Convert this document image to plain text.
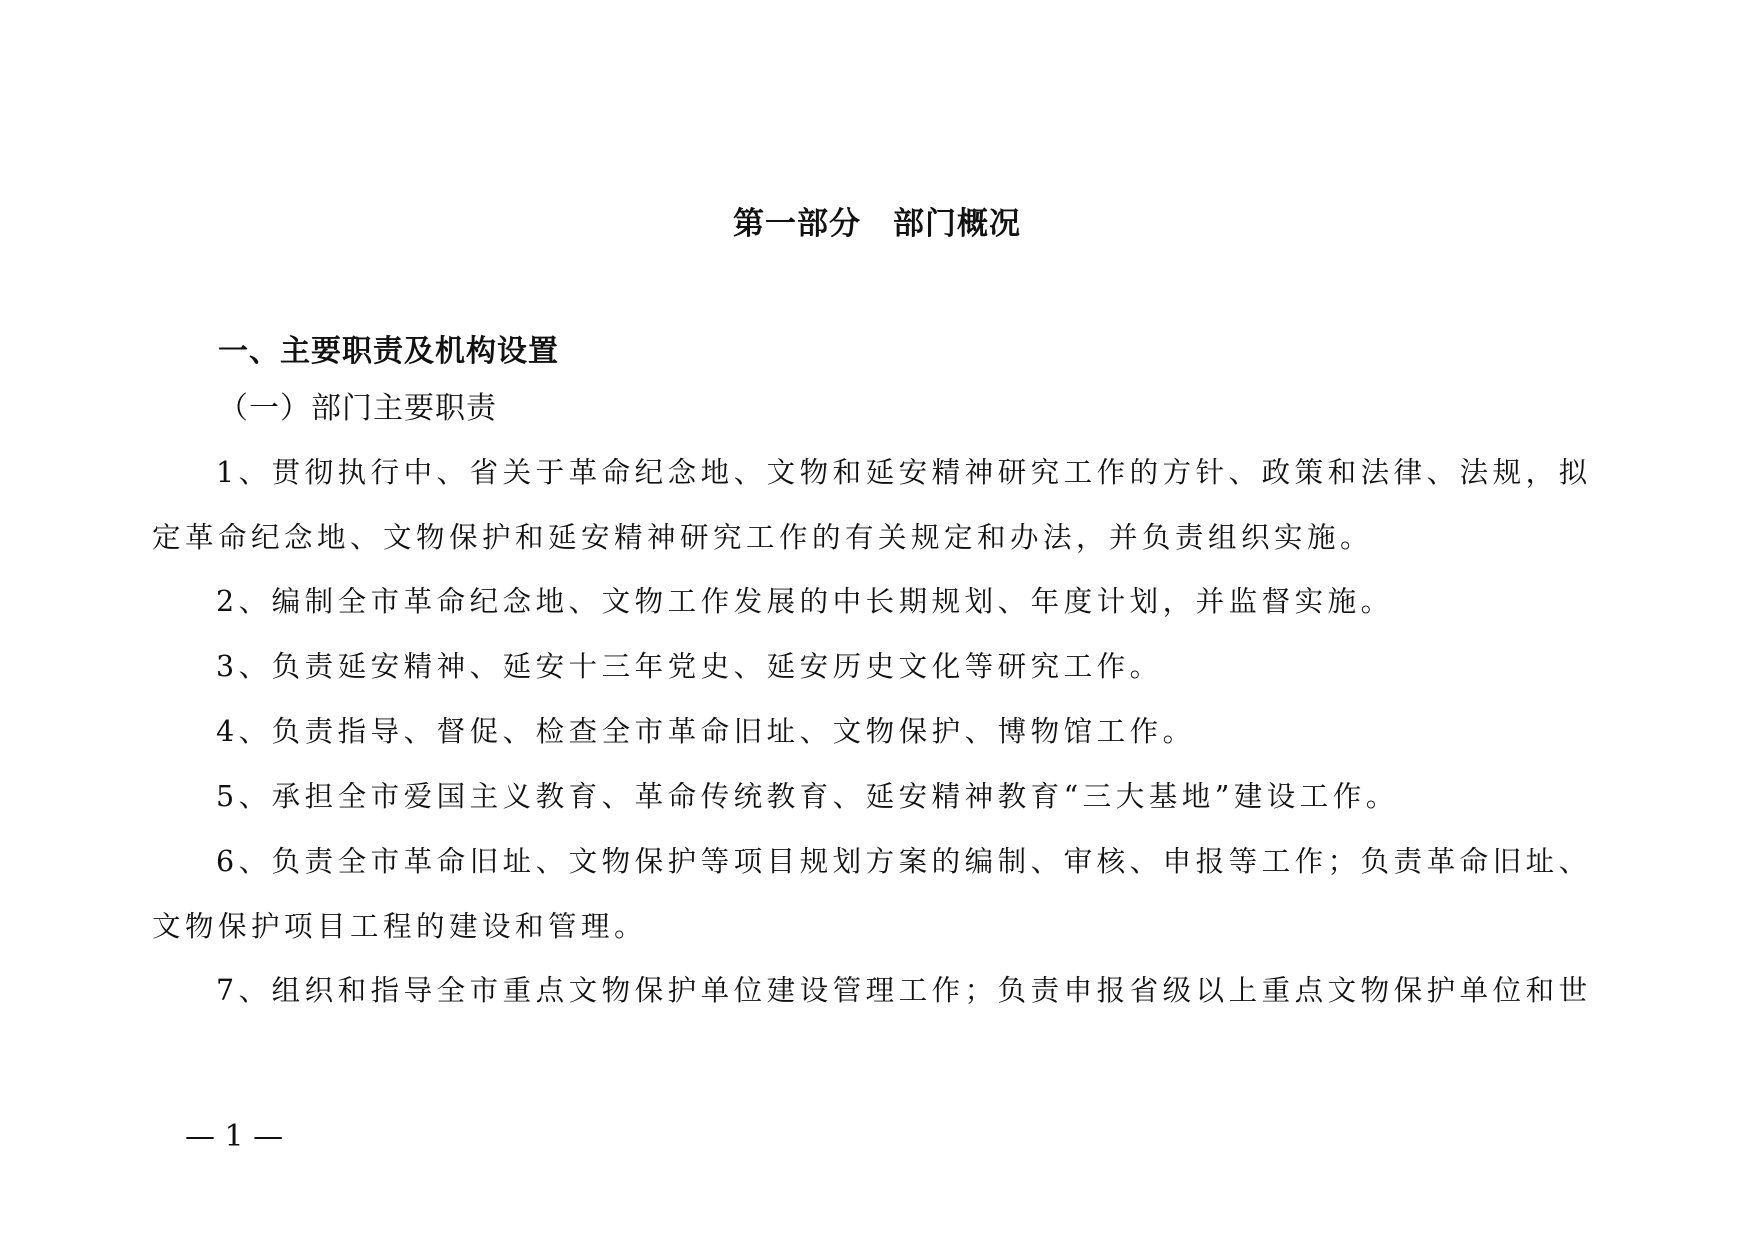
第一部分　部门概况
一、主要职责及机构设置
（一）部门主要职责

1、贯彻执行中、省关于革命纪念地、文物和延安精神研究工作的方针、政策和法律、法规，拟定革命纪念地、文物保护和延安精神研究工作的有关规定和办法，并负责组织实施。

2、编制全市革命纪念地、文物工作发展的中长期规划、年度计划，并监督实施。

3、负责延安精神、延安十三年党史、延安历史文化等研究工作。

4、负责指导、督促、检查全市革命旧址、文物保护、博物馆工作。

5、承担全市爱国主义教育、革命传统教育、延安精神教育“三大基地”建设工作。

6、负责全市革命旧址、文物保护等项目规划方案的编制、审核、申报等工作；负责革命旧址、文物保护项目工程的建设和管理。

7、组织和指导全市重点文物保护单位建设管理工作；负责申报省级以上重点文物保护单位和世

— 1 —
